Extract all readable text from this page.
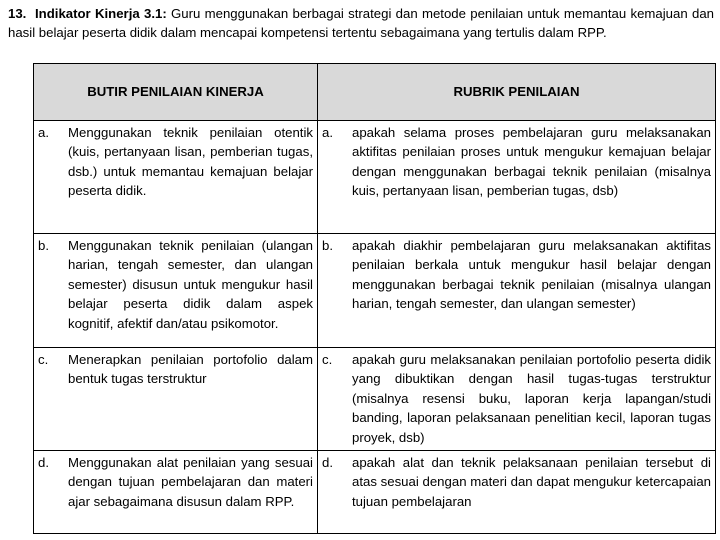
13. Indikator Kinerja 3.1: Guru menggunakan berbagai strategi dan metode penilaian untuk memantau kemajuan dan hasil belajar peserta didik dalam mencapai kompetensi tertentu sebagaimana yang tertulis dalam RPP.
BUTIR PENILAIAN KINERJA	RUBRIK PENILAIAN

a. Menggunakan teknik penilaian otentik (kuis, pertanyaan lisan, pemberian tugas, dsb.) untuk memantau kemajuan belajar peserta didik.	a. apakah selama proses pembelajaran guru melaksanakan aktifitas penilaian proses untuk mengukur kemajuan belajar dengan menggunakan berbagai teknik penilaian (misalnya kuis, pertanyaan lisan, pemberian tugas, dsb)

b. Menggunakan teknik penilaian (ulangan harian, tengah semester, dan ulangan semester) disusun untuk mengukur hasil belajar peserta didik dalam aspek kognitif, afektif dan/atau psikomotor.	b. apakah diakhir pembelajaran guru melaksanakan aktifitas penilaian berkala untuk mengukur hasil belajar dengan menggunakan berbagai teknik penilaian (misalnya ulangan harian, tengah semester, dan ulangan semester)

c. Menerapkan penilaian portofolio dalam bentuk tugas terstruktur	c. apakah guru melaksanakan penilaian portofolio peserta didik yang dibuktikan dengan hasil tugas-tugas terstruktur (misalnya resensi buku, laporan kerja lapangan/studi banding, laporan pelaksanaan penelitian kecil, laporan tugas proyek, dsb)

d. Menggunakan alat penilaian yang sesuai dengan tujuan pembelajaran dan materi ajar sebagaimana disusun dalam RPP.	d. apakah alat dan teknik pelaksanaan penilaian tersebut di atas sesuai dengan materi dan dapat mengukur ketercapaian tujuan pembelajaran
